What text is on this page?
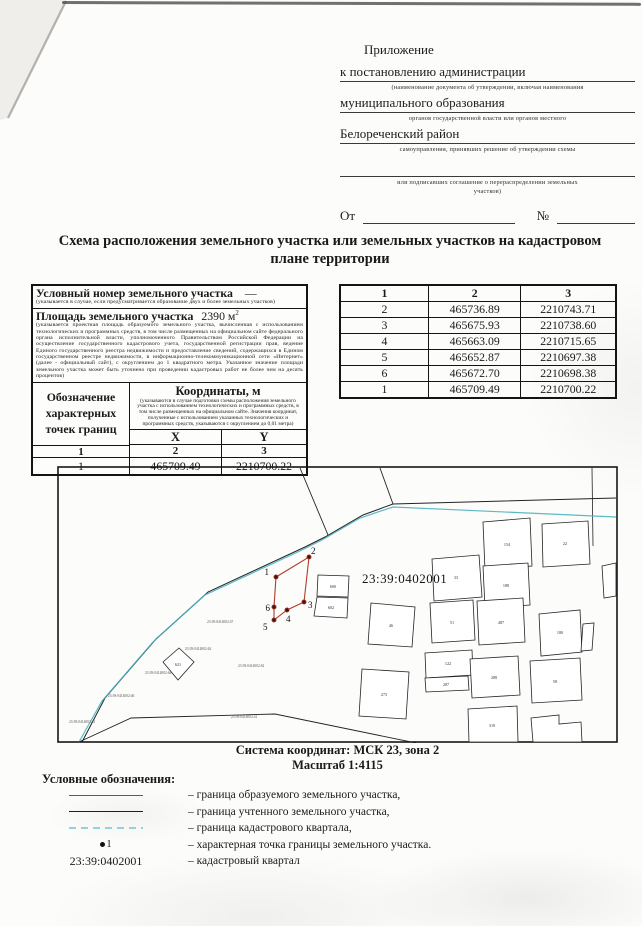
Приложение
к постановлению администрации
(наименование документа об утверждении, включая наименования
муниципального образования
органов государственной власти или органов местного
Белореченский район
самоуправления, принявших решение об утверждении схемы
или подписавших соглашение о перераспределении земельных
участков)
От	№
Схема расположения земельного участка или земельных участков на кадастровом плане территории
Условный номер земельного участка —
(указывается в случае, если предусматривается образование двух и более земельных участков)
Площадь земельного участка 2390 $м^2$
(указывается проектная площадь образуемого земельного участка, вычисленная с использованием технологических и программных средств, в том числе размещенных на официальном сайте федерального органа исполнительной власти, уполномоченного Правительством Российской Федерации на осуществление государственного кадастрового учета, государственной регистрации прав, ведение Единого государственного реестра недвижимости и предоставление сведений, содержащихся в Едином государственном реестре недвижимости, в информационно-телекоммуникационной сети «Интернет» (далее - официальный сайт), с округлением до 1 квадратного метра. Указанное значение площади земельного участка может быть уточнено при проведении кадастровых работ не более чем на десять процентов)
Обозначение характерных точек границ
Координаты, м
(указываются в случае подготовки схемы расположения земельного участка с использованием технологических и программных средств, в том числе размещенных на официальном сайте. Значения координат, полученные с использованием указанных технологических и программных средств, указываются с округлением до 0,01 метра)
X	Y
1	2	3
1	465709.49	2210700.22
1	2	3
2	465736.89	2210743.71
3	465675.93	2210738.60
4	465663.09	2210715.65
5	465652.87	2210697.38
6	465672.70	2210698.38
1	465709.49	2210700.22
600
602
46
621
273
154	22
33
188
51	487
180
122
287
288
58
319
23:39:0414002:47
23:39:0414002:62
23:39:0414002:62
23:39:0414002:64
23:39:0414002:46
23:39:0414002:41
23:39:0414002:41
23:39:0402001
1
2
3
4
5
6
Система координат: МСК 23, зона 2
Масштаб 1:4115
Условные обозначения:
– граница образуемого земельного участка,
– граница учтенного земельного участка,
– граница кадастрового квартала,
1	– характерная точка границы земельного участка.
23:39:0402001	– кадастровый квартал
